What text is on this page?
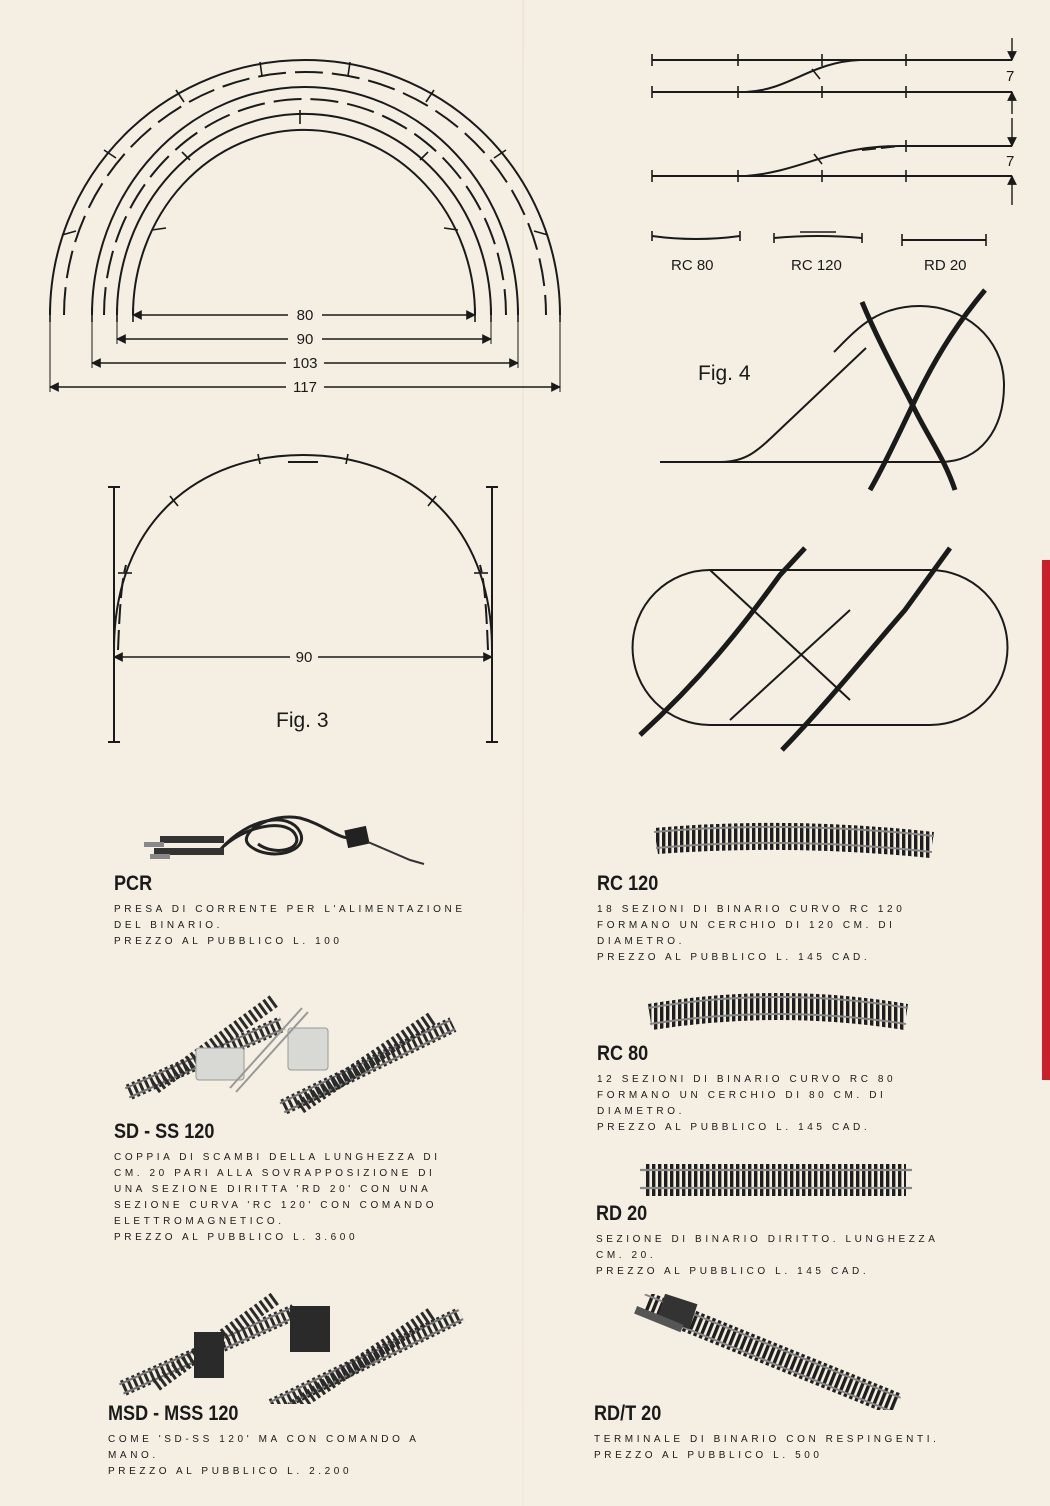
80
90
103
117
90
Fig. 3
Fig. 4
7
7
RC 80	RC 120	RD 20
PCR
PRESA DI CORRENTE PER L'ALIMENTAZIONE DEL BINARIO.
PREZZO AL PUBBLICO L. 100
SD - SS 120
COPPIA DI SCAMBI DELLA LUNGHEZZA DI CM. 20 PARI ALLA SOVRAPPOSIZIONE DI UNA SEZIONE DIRITTA 'RD 20' CON UNA SEZIONE CURVA 'RC 120' CON COMANDO ELETTROMAGNETICO.
PREZZO AL PUBBLICO L. 3.600
MSD - MSS 120
COME 'SD-SS 120' MA CON COMANDO A MANO.
PREZZO AL PUBBLICO L. 2.200
RC 120
18 SEZIONI DI BINARIO CURVO RC 120 FORMANO UN CERCHIO DI 120 CM. DI DIAMETRO.
PREZZO AL PUBBLICO L. 145 CAD.
RC 80
12 SEZIONI DI BINARIO CURVO RC 80 FORMANO UN CERCHIO DI 80 CM. DI DIAMETRO.
PREZZO AL PUBBLICO L. 145 CAD.
RD 20
SEZIONE DI BINARIO DIRITTO. LUNGHEZZA CM. 20.
PREZZO AL PUBBLICO L. 145 CAD.
RD/T 20
TERMINALE DI BINARIO CON RESPINGENTI.
PREZZO AL PUBBLICO L. 500
